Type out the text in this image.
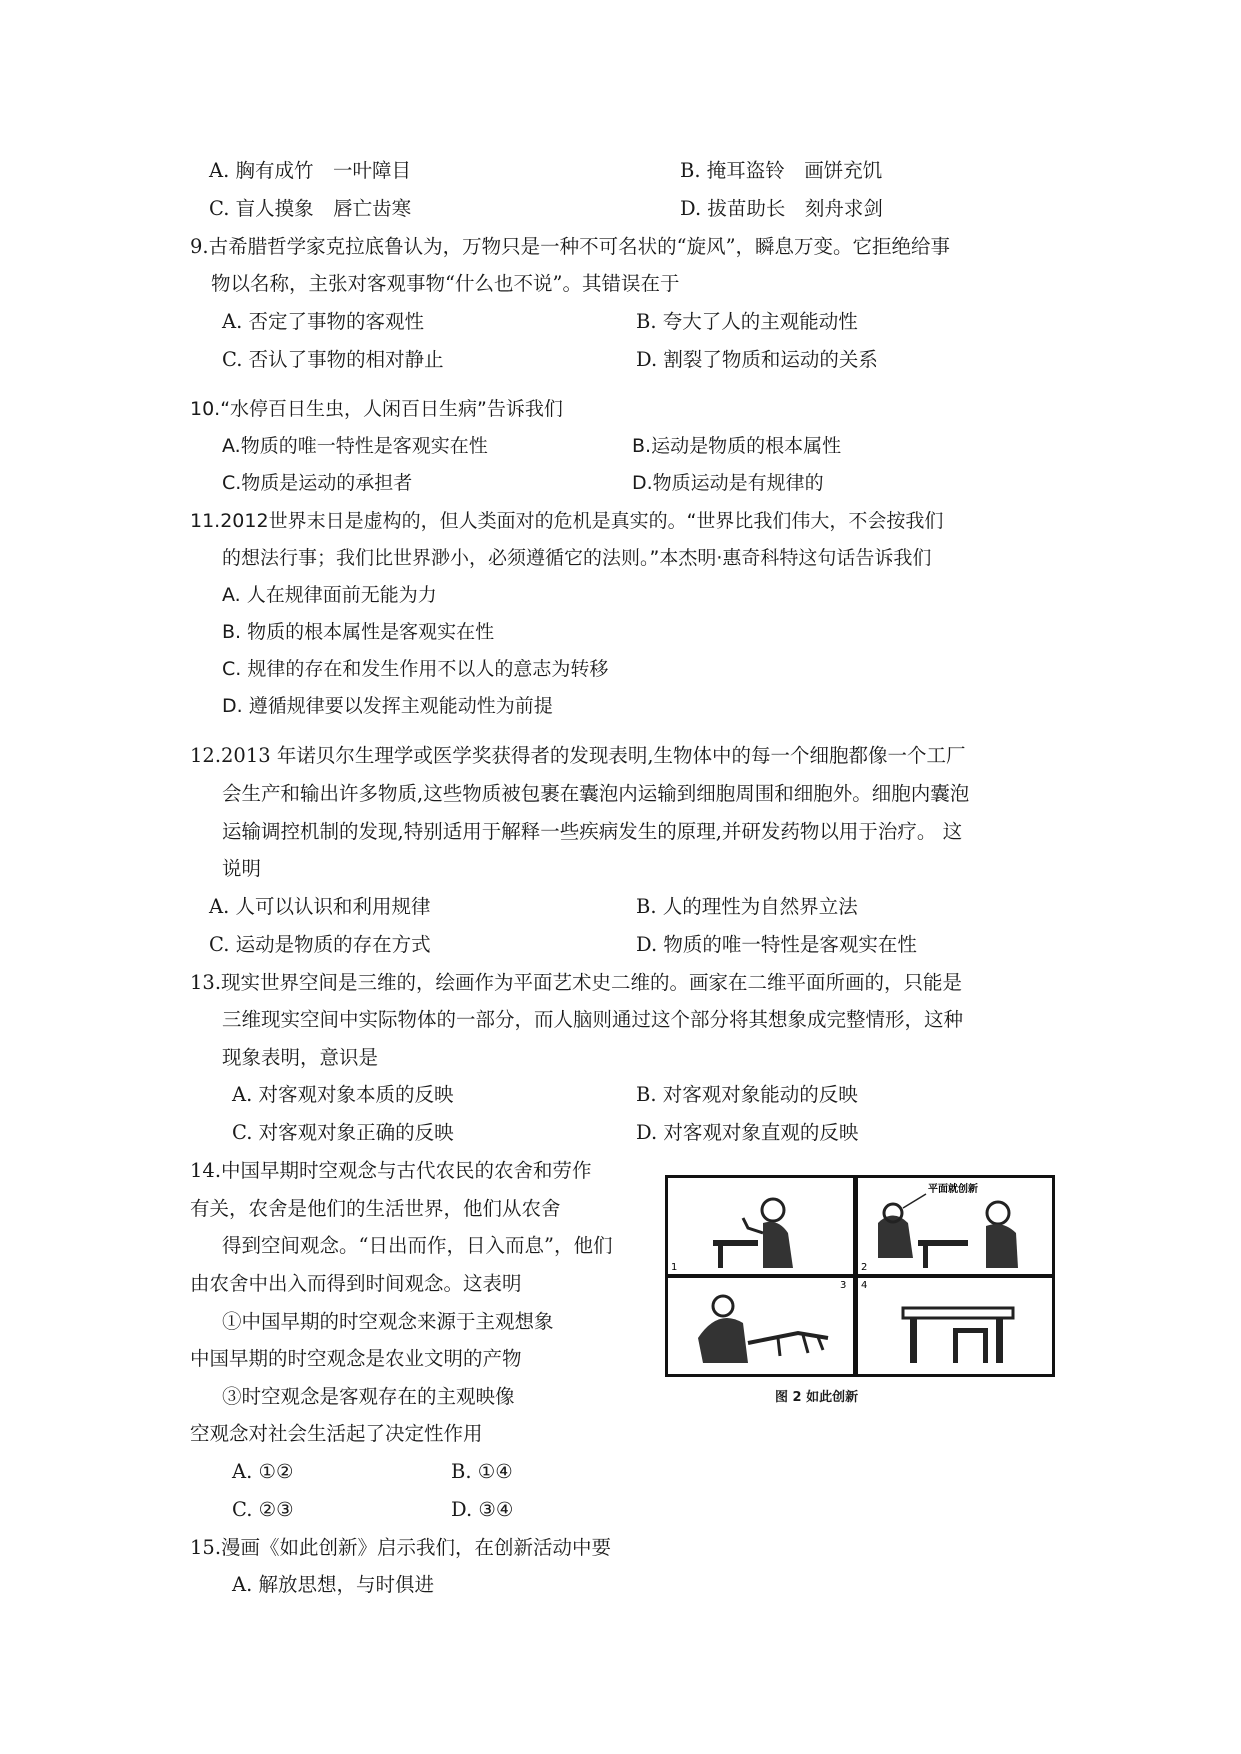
A. 胸有成竹　一叶障目	B. 掩耳盗铃　画饼充饥
C. 盲人摸象　唇亡齿寒	D. 拔苗助长　刻舟求剑
9.古希腊哲学家克拉底鲁认为，万物只是一种不可名状的“旋风”，瞬息万变。它拒绝给事
物以名称，主张对客观事物“什么也不说”。其错误在于
A. 否定了事物的客观性	B. 夸大了人的主观能动性
C. 否认了事物的相对静止	D. 割裂了物质和运动的关系
10.“水停百日生虫，人闲百日生病”告诉我们
A.物质的唯一特性是客观实在性	B.运动是物质的根本属性
C.物质是运动的承担者	D.物质运动是有规律的
11.2012世界末日是虚构的，但人类面对的危机是真实的。“世界比我们伟大，不会按我们
的想法行事；我们比世界渺小，必须遵循它的法则。”本杰明·惠奇科特这句话告诉我们
A. 人在规律面前无能为力
B. 物质的根本属性是客观实在性
C. 规律的存在和发生作用不以人的意志为转移
D. 遵循规律要以发挥主观能动性为前提
12.2013 年诺贝尔生理学或医学奖获得者的发现表明,生物体中的每一个细胞都像一个工厂
会生产和输出许多物质,这些物质被包裹在囊泡内运输到细胞周围和细胞外。细胞内囊泡
运输调控机制的发现,特别适用于解释一些疾病发生的原理,并研发药物以用于治疗。 这
说明
A. 人可以认识和利用规律	B. 人的理性为自然界立法
C. 运动是物质的存在方式	D. 物质的唯一特性是客观实在性
13.现实世界空间是三维的，绘画作为平面艺术史二维的。画家在二维平面所画的，只能是
三维现实空间中实际物体的一部分，而人脑则通过这个部分将其想象成完整情形，这种
现象表明，意识是
A. 对客观对象本质的反映	B. 对客观对象能动的反映
C. 对客观对象正确的反映	D. 对客观对象直观的反映
14.中国早期时空观念与古代农民的农舍和劳作
有关，农舍是他们的生活世界，他们从农舍
得到空间观念。“日出而作，日入而息”，他们
由农舍中出入而得到时间观念。这表明
①中国早期的时空观念来源于主观想象
中国早期的时空观念是农业文明的产物
③时空观念是客观存在的主观映像
空观念对社会生活起了决定性作用
A. ①②	B. ①④
C. ②③	D. ③④
15.漫画《如此创新》启示我们，在创新活动中要
A. 解放思想，与时俱进
1
平面就创新
2
3 4
图 2 如此创新
